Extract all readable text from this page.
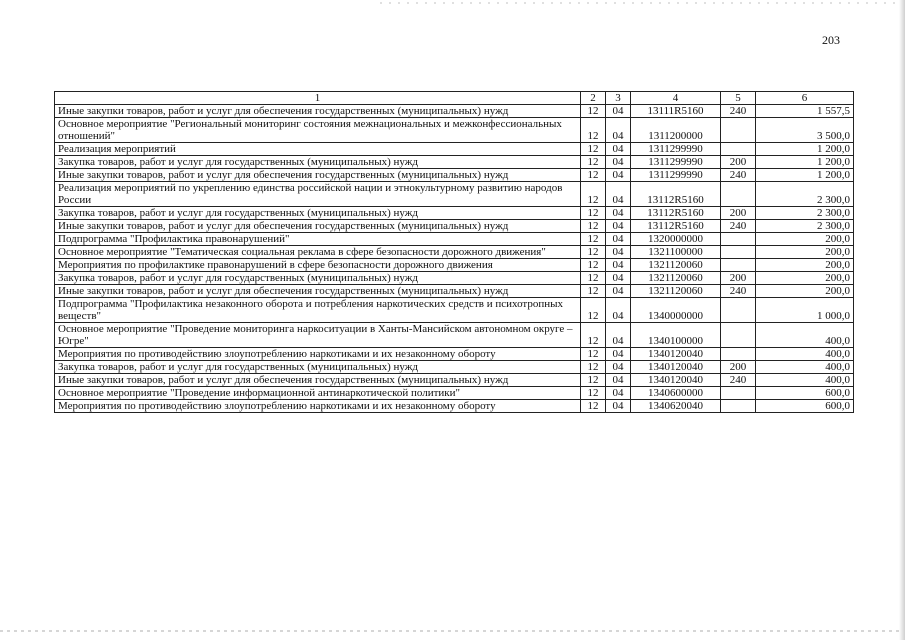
203
1	2	3	4	5	6
Иные закупки товаров, работ и услуг для обеспечения государственных (муниципальных) нужд	12	04	13111R5160	240	1 557,5
Основное мероприятие "Региональный мониторинг состояния межнациональных и межконфессиональных отношений"	12	04	1311200000		3 500,0
Реализация мероприятий	12	04	1311299990		1 200,0
Закупка товаров, работ и услуг для государственных (муниципальных) нужд	12	04	1311299990	200	1 200,0
Иные закупки товаров, работ и услуг для обеспечения государственных (муниципальных) нужд	12	04	1311299990	240	1 200,0
Реализация мероприятий по укреплению единства российской нации и этнокультурному развитию народов России	12	04	13112R5160		2 300,0
Закупка товаров, работ и услуг для государственных (муниципальных) нужд	12	04	13112R5160	200	2 300,0
Иные закупки товаров, работ и услуг для обеспечения государственных (муниципальных) нужд	12	04	13112R5160	240	2 300,0
Подпрограмма "Профилактика правонарушений"	12	04	1320000000		200,0
Основное мероприятие "Тематическая социальная реклама в сфере безопасности дорожного движения"	12	04	1321100000		200,0
Мероприятия по профилактике правонарушений в сфере безопасности дорожного движения	12	04	1321120060		200,0
Закупка товаров, работ и услуг для государственных (муниципальных) нужд	12	04	1321120060	200	200,0
Иные закупки товаров, работ и услуг для обеспечения государственных (муниципальных) нужд	12	04	1321120060	240	200,0
Подпрограмма "Профилактика незаконного оборота и потребления наркотических средств и психотропных веществ"	12	04	1340000000		1 000,0
Основное мероприятие "Проведение мониторинга наркоситуации в Ханты-Мансийском автономном округе – Югре"	12	04	1340100000		400,0
Мероприятия по противодействию злоупотреблению наркотиками и их незаконному обороту	12	04	1340120040		400,0
Закупка товаров, работ и услуг для государственных (муниципальных) нужд	12	04	1340120040	200	400,0
Иные закупки товаров, работ и услуг для обеспечения государственных (муниципальных) нужд	12	04	1340120040	240	400,0
Основное мероприятие "Проведение информационной антинаркотической политики"	12	04	1340600000		600,0
Мероприятия по противодействию злоупотреблению наркотиками и их незаконному обороту	12	04	1340620040		600,0
